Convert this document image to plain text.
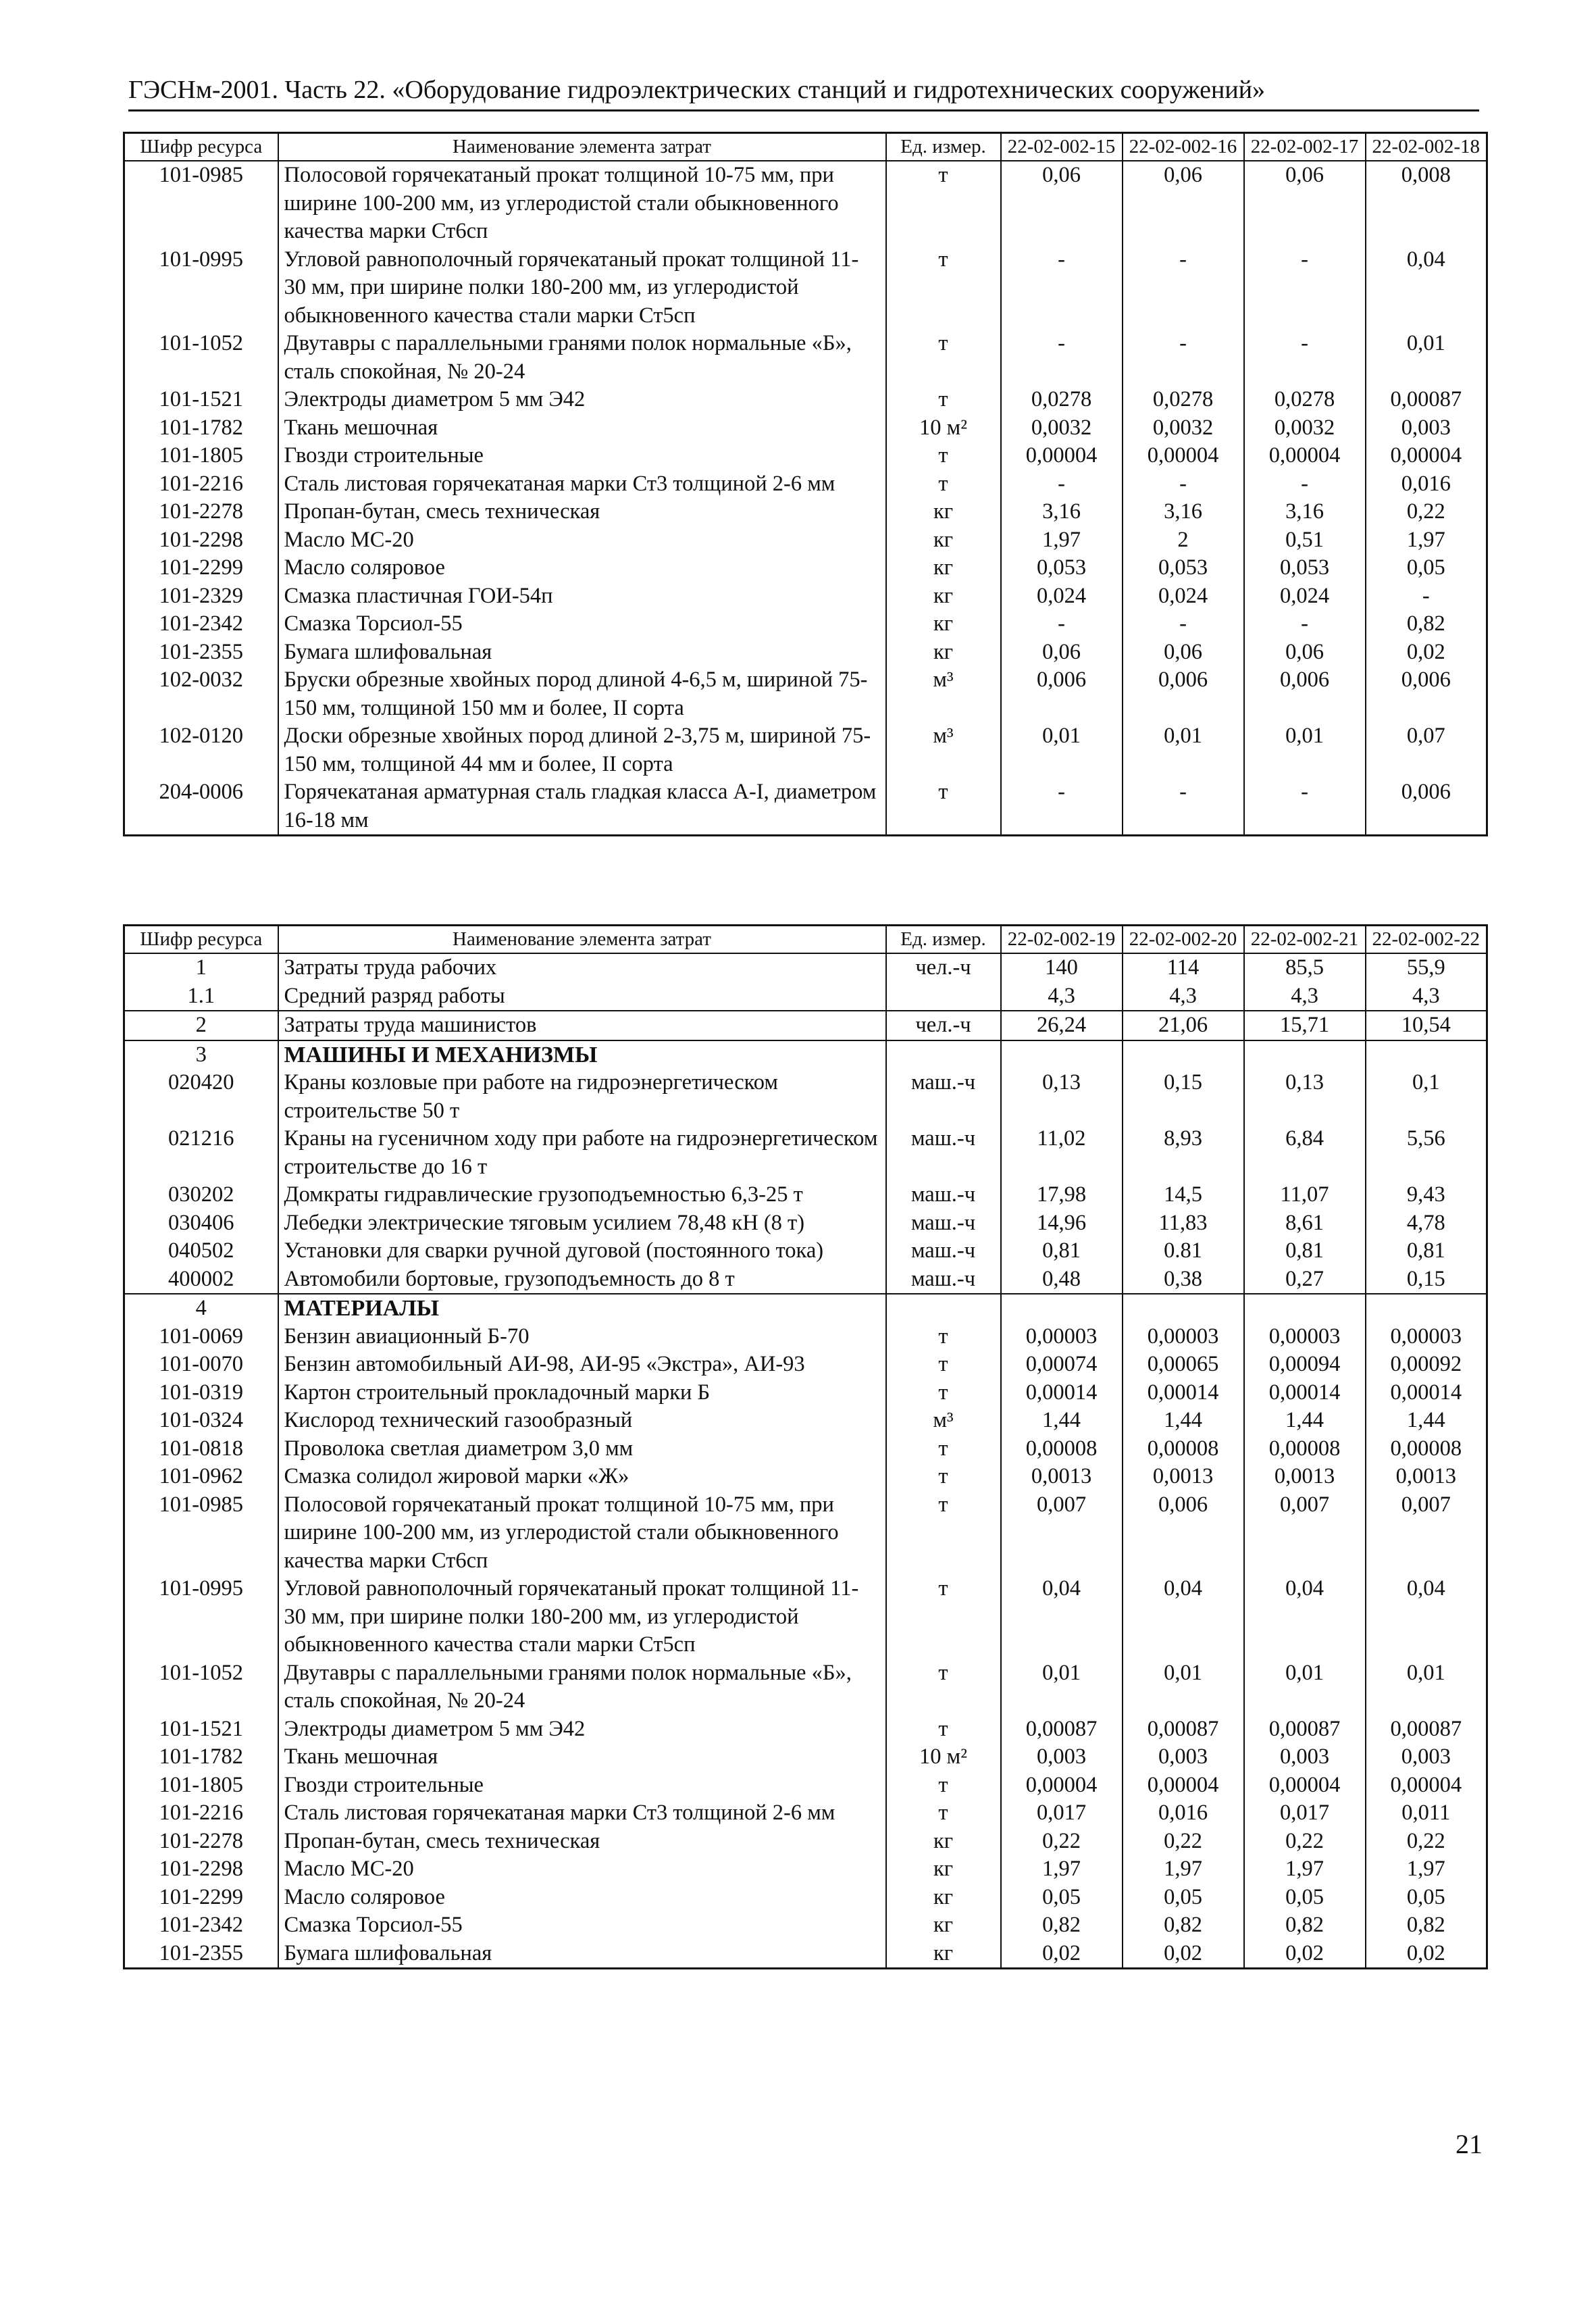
ГЭСНм-2001. Часть 22. «Оборудование гидроэлектрических станций и гидротехнических сооружений»
Шифр ресурса	Наименование элемента затрат	Ед. измер.	22-02-002-15	22-02-002-16	22-02-002-17	22-02-002-18
101-0985	Полосовой горячекатаный прокат толщиной 10-75 мм, при ширине 100-200 мм, из углеродистой стали обыкновенного качества марки Ст6сп	т	0,06	0,06	0,06	0,008
101-0995	Угловой равнополочный горячекатаный прокат толщиной 11-30 мм, при ширине полки 180-200 мм, из углеродистой обыкновенного качества стали марки Ст5сп	т	-	-	-	0,04
101-1052	Двутавры с параллельными гранями полок нормальные «Б», сталь спокойная, № 20-24	т	-	-	-	0,01
101-1521	Электроды диаметром 5 мм Э42	т	0,0278	0,0278	0,0278	0,00087
101-1782	Ткань мешочная	10 м²	0,0032	0,0032	0,0032	0,003
101-1805	Гвозди строительные	т	0,00004	0,00004	0,00004	0,00004
101-2216	Сталь листовая горячекатаная марки Ст3 толщиной 2-6 мм	т	-	-	-	0,016
101-2278	Пропан-бутан, смесь техническая	кг	3,16	3,16	3,16	0,22
101-2298	Масло МС-20	кг	1,97	2	0,51	1,97
101-2299	Масло соляровое	кг	0,053	0,053	0,053	0,05
101-2329	Смазка пластичная ГОИ-54п	кг	0,024	0,024	0,024	-
101-2342	Смазка Торсиол-55	кг	-	-	-	0,82
101-2355	Бумага шлифовальная	кг	0,06	0,06	0,06	0,02
102-0032	Бруски обрезные хвойных пород длиной 4-6,5 м, шириной 75-150 мм, толщиной 150 мм и более, II сорта	м³	0,006	0,006	0,006	0,006
102-0120	Доски обрезные хвойных пород длиной 2-3,75 м, шириной 75-150 мм, толщиной 44 мм и более, II сорта	м³	0,01	0,01	0,01	0,07
204-0006	Горячекатаная арматурная сталь гладкая класса А-I, диаметром 16-18 мм	т	-	-	-	0,006
Шифр ресурса	Наименование элемента затрат	Ед. измер.	22-02-002-19	22-02-002-20	22-02-002-21	22-02-002-22
1	Затраты труда рабочих	чел.-ч	140	114	85,5	55,9
1.1	Средний разряд работы		4,3	4,3	4,3	4,3
2	Затраты труда машинистов	чел.-ч	26,24	21,06	15,71	10,54
3	МАШИНЫ И МЕХАНИЗМЫ					
020420	Краны козловые при работе на гидроэнергетическом строительстве 50 т	маш.-ч	0,13	0,15	0,13	0,1
021216	Краны на гусеничном ходу при работе на гидроэнергетическом строительстве до 16 т	маш.-ч	11,02	8,93	6,84	5,56
030202	Домкраты гидравлические грузоподъемностью 6,3-25 т	маш.-ч	17,98	14,5	11,07	9,43
030406	Лебедки электрические тяговым усилием 78,48 кН (8 т)	маш.-ч	14,96	11,83	8,61	4,78
040502	Установки для сварки ручной дуговой (постоянного тока)	маш.-ч	0,81	0.81	0,81	0,81
400002	Автомобили бортовые, грузоподъемность до 8 т	маш.-ч	0,48	0,38	0,27	0,15
4	МАТЕРИАЛЫ					
101-0069	Бензин авиационный Б-70	т	0,00003	0,00003	0,00003	0,00003
101-0070	Бензин автомобильный АИ-98, АИ-95 «Экстра», АИ-93	т	0,00074	0,00065	0,00094	0,00092
101-0319	Картон строительный прокладочный марки Б	т	0,00014	0,00014	0,00014	0,00014
101-0324	Кислород технический газообразный	м³	1,44	1,44	1,44	1,44
101-0818	Проволока светлая диаметром 3,0 мм	т	0,00008	0,00008	0,00008	0,00008
101-0962	Смазка солидол жировой марки «Ж»	т	0,0013	0,0013	0,0013	0,0013
101-0985	Полосовой горячекатаный прокат толщиной 10-75 мм, при ширине 100-200 мм, из углеродистой стали обыкновенного качества марки Ст6сп	т	0,007	0,006	0,007	0,007
101-0995	Угловой равнополочный горячекатаный прокат толщиной 11-30 мм, при ширине полки 180-200 мм, из углеродистой обыкновенного качества стали марки Ст5сп	т	0,04	0,04	0,04	0,04
101-1052	Двутавры с параллельными гранями полок нормальные «Б», сталь спокойная, № 20-24	т	0,01	0,01	0,01	0,01
101-1521	Электроды диаметром 5 мм Э42	т	0,00087	0,00087	0,00087	0,00087
101-1782	Ткань мешочная	10 м²	0,003	0,003	0,003	0,003
101-1805	Гвозди строительные	т	0,00004	0,00004	0,00004	0,00004
101-2216	Сталь листовая горячекатаная марки Ст3 толщиной 2-6 мм	т	0,017	0,016	0,017	0,011
101-2278	Пропан-бутан, смесь техническая	кг	0,22	0,22	0,22	0,22
101-2298	Масло МС-20	кг	1,97	1,97	1,97	1,97
101-2299	Масло соляровое	кг	0,05	0,05	0,05	0,05
101-2342	Смазка Торсиол-55	кг	0,82	0,82	0,82	0,82
101-2355	Бумага шлифовальная	кг	0,02	0,02	0,02	0,02
21
